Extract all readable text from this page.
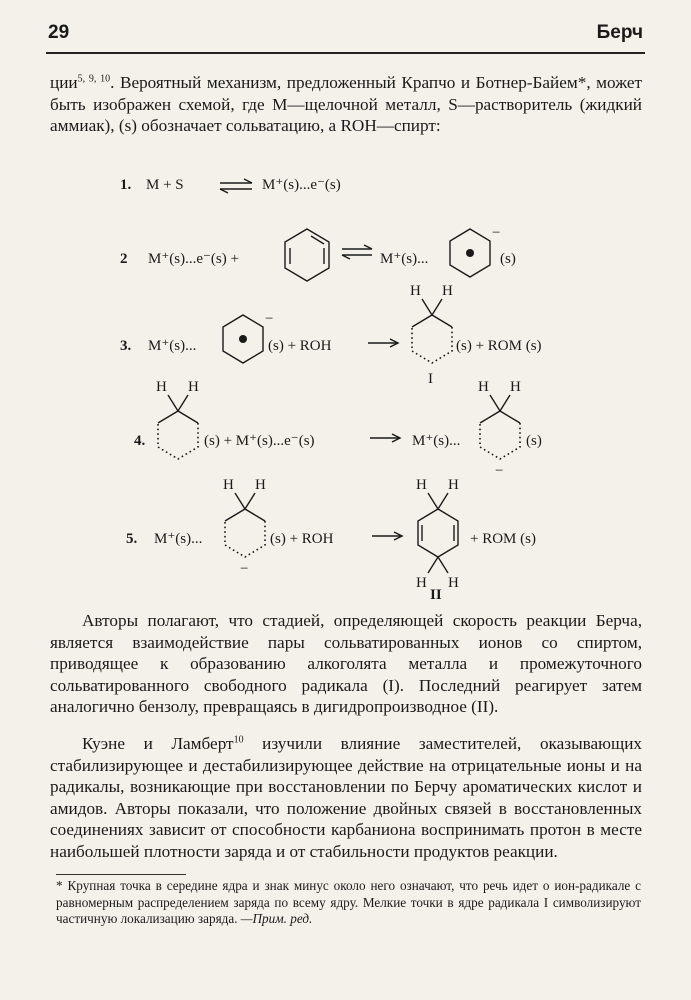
29	Берч

ции$^{5, 9, 10}$. Вероятный механизм, предложенный Крапчо и Ботнер-Байем*, может быть изображен схемой, где М—щелочной металл, S—растворитель (жидкий аммиак), (s) обозначает сольватацию, а ROH—спирт:

1. M + S	M⁺(s)...e⁻(s)
2 M⁺(s)...e⁻(s) +	M⁺(s)...
−
(s)
3. M⁺(s)...
−
(s) + ROH
H H
(s) + ROM (s)
I
4.
H H
(s) + M⁺(s)...e⁻(s)	M⁺(s)...
H H
−
(s)
5. M⁺(s)...
H H
−
(s) + ROH
H H
H H
+ ROM (s)
II

Авторы полагают, что стадией, определяющей скорость реакции Берча, является взаимодействие пары сольватированных ионов со спиртом, приводящее к образованию алкоголята металла и промежуточного сольватированного свободного радикала (I). Последний реагирует затем аналогично бензолу, превращаясь в дигидропроизводное (II).

Куэне и Ламберт$^{10}$ изучили влияние заместителей, оказывающих стабилизирующее и дестабилизирующее действие на отрицательные ионы и на радикалы, возникающие при восстановлении по Берчу ароматических кислот и амидов. Авторы показали, что положение двойных связей в восстановленных соединениях зависит от способности карбаниона воспринимать протон в месте наибольшей плотности заряда и от стабильности продуктов реакции.

* Крупная точка в середине ядра и знак минус около него означают, что речь идет о ион-радикале с равномерным распределением заряда по всему ядру. Мелкие точки в ядре радикала I символизируют частичную локализацию заряда. —Прим. ред.
